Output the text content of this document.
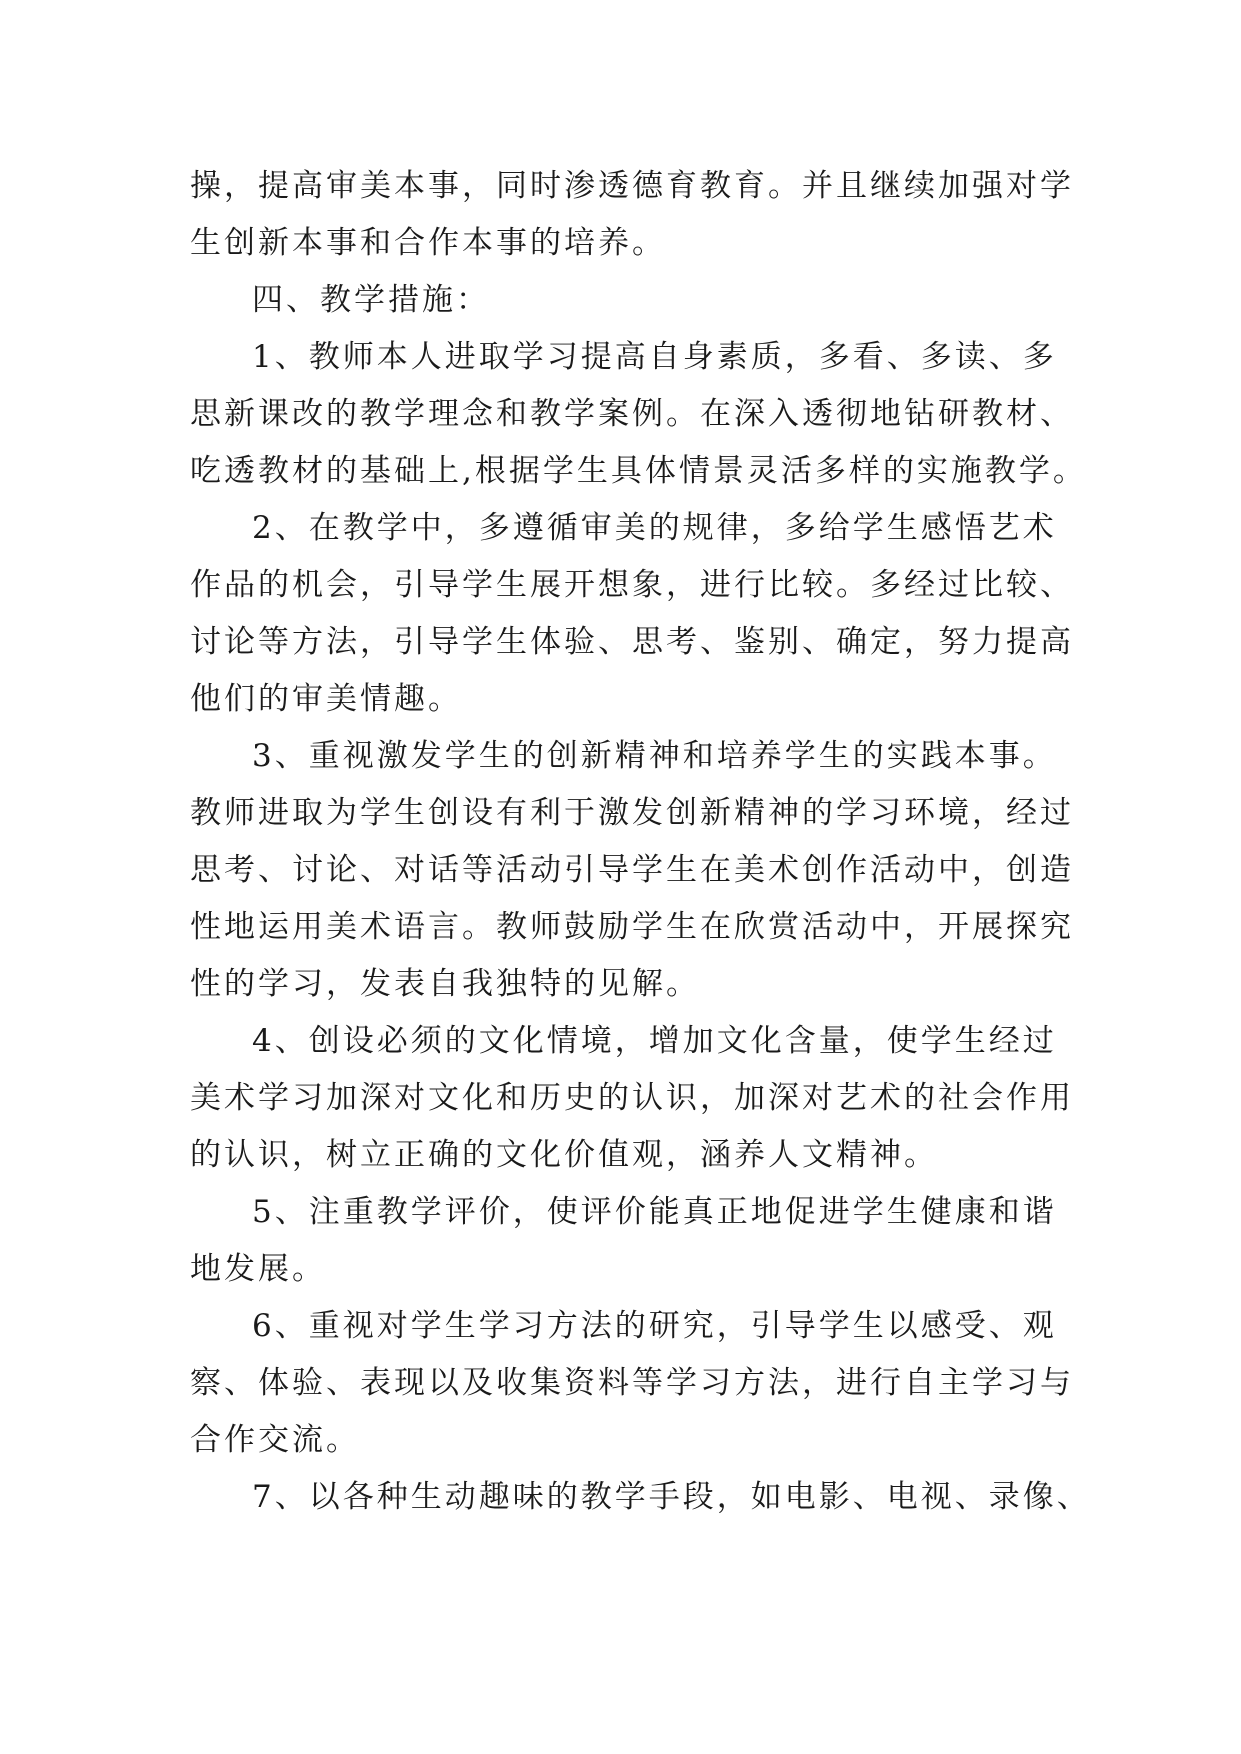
操，提高审美本事，同时渗透德育教育。并且继续加强对学
生创新本事和合作本事的培养。
四、教学措施：
1、教师本人进取学习提高自身素质，多看、多读、多
思新课改的教学理念和教学案例。在深入透彻地钻研教材、
吃透教材的基础上,根据学生具体情景灵活多样的实施教学。
2、在教学中，多遵循审美的规律，多给学生感悟艺术
作品的机会，引导学生展开想象，进行比较。多经过比较、
讨论等方法，引导学生体验、思考、鉴别、确定，努力提高
他们的审美情趣。
3、重视激发学生的创新精神和培养学生的实践本事。
教师进取为学生创设有利于激发创新精神的学习环境，经过
思考、讨论、对话等活动引导学生在美术创作活动中，创造
性地运用美术语言。教师鼓励学生在欣赏活动中，开展探究
性的学习，发表自我独特的见解。
4、创设必须的文化情境，增加文化含量，使学生经过
美术学习加深对文化和历史的认识，加深对艺术的社会作用
的认识，树立正确的文化价值观，涵养人文精神。
5、注重教学评价，使评价能真正地促进学生健康和谐
地发展。
6、重视对学生学习方法的研究，引导学生以感受、观
察、体验、表现以及收集资料等学习方法，进行自主学习与
合作交流。
7、以各种生动趣味的教学手段，如电影、电视、录像、
